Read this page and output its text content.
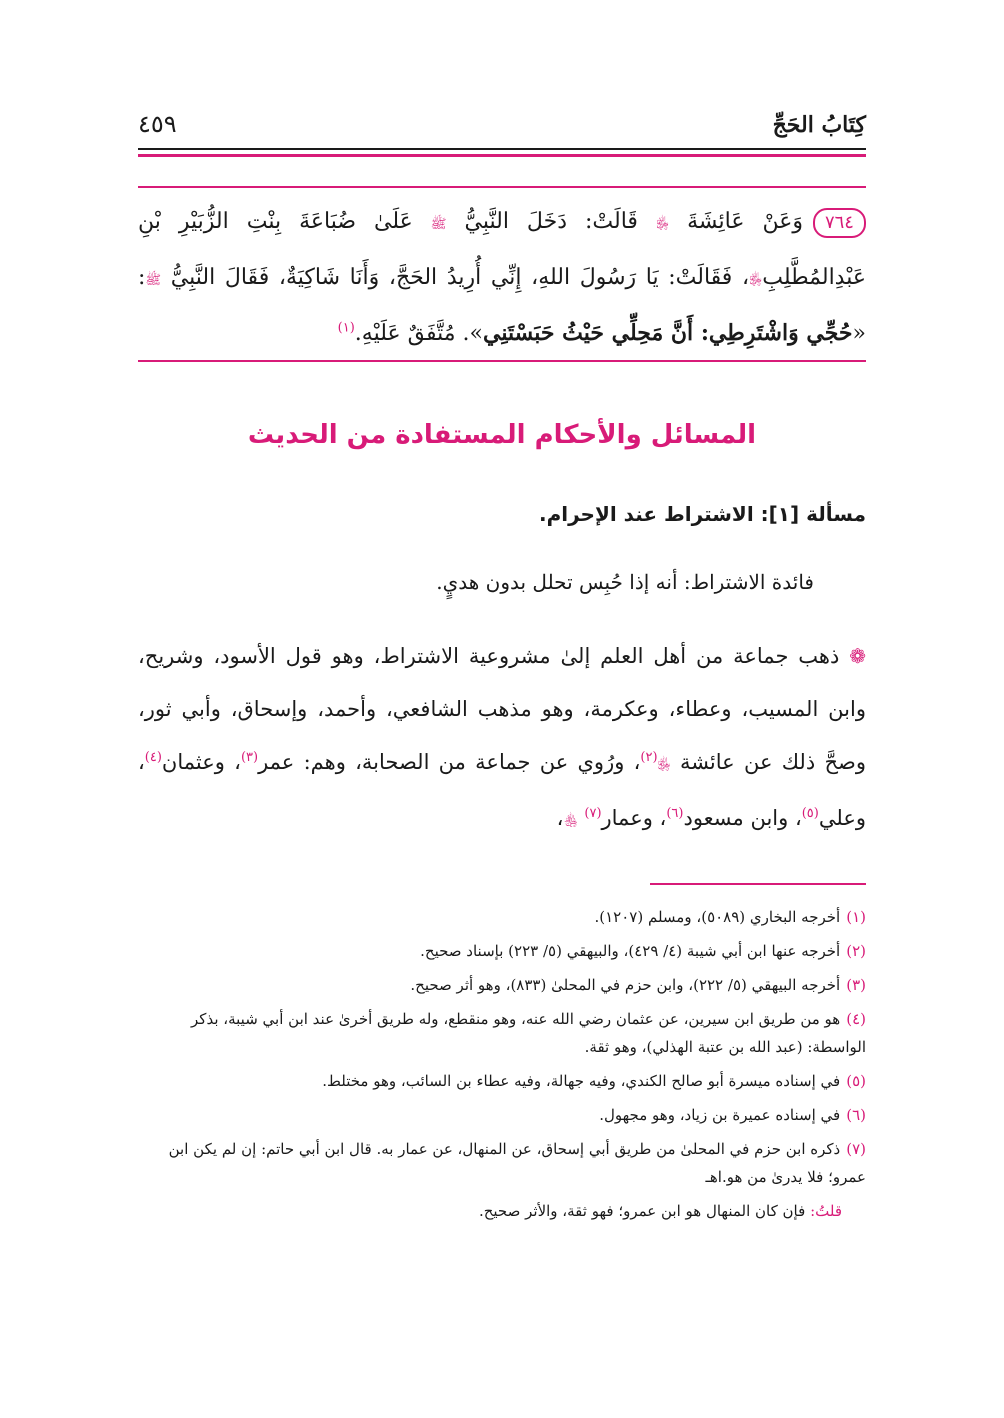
كِتَابُ الحَجِّ
٤٥٩
٧٦٤وَعَنْ عَائِشَةَ ﵂ قَالَتْ: دَخَلَ النَّبِيُّ ﷺ عَلَىٰ ضُبَاعَةَ بِنْتِ الزُّبَيْرِ بْنِ عَبْدِالمُطَّلِبِ﵂، فَقَالَتْ: يَا رَسُولَ اللهِ، إِنِّي أُرِيدُ الحَجَّ، وَأَنَا شَاكِيَةٌ، فَقَالَ النَّبِيُّ ﷺ: «حُجِّي وَاشْتَرِطِي: أَنَّ مَحِلِّي حَيْثُ حَبَسْتَنِي». مُتَّفَقٌ عَلَيْهِ.$^{(١)}$
المسائل والأحكام المستفادة من الحديث
مسألة [١]: الاشتراط عند الإحرام.
فائدة الاشتراط: أنه إذا حُبِس تحلل بدون هديٍ.
❁ ذهب جماعة من أهل العلم إلىٰ مشروعية الاشتراط، وهو قول الأسود، وشريح، وابن المسيب، وعطاء، وعكرمة، وهو مذهب الشافعي، وأحمد، وإسحاق، وأبي ثور، وصحَّ ذلك عن عائشة ﵂$^{(٢)}$، ورُوي عن جماعة من الصحابة، وهم: عمر$^{(٣)}$، وعثمان$^{(٤)}$، وعلي$^{(٥)}$، وابن مسعود$^{(٦)}$، وعمار$^{(٧)}$ ﵃،
(١)أخرجه البخاري (٥٠٨٩)، ومسلم (١٢٠٧).
(٢)أخرجه عنها ابن أبي شيبة (٤/ ٤٢٩)، والبيهقي (٥/ ٢٢٣) بإسناد صحيح.
(٣)أخرجه البيهقي (٥/ ٢٢٢)، وابن حزم في المحلىٰ (٨٣٣)، وهو أثر صحيح.
(٤)هو من طريق ابن سيرين، عن عثمان رضي الله عنه، وهو منقطع، وله طريق أخرىٰ عند ابن أبي شيبة، بذكر الواسطة: (عبد الله بن عتبة الهذلي)، وهو ثقة.
(٥)في إسناده ميسرة أبو صالح الكندي، وفيه جهالة، وفيه عطاء بن السائب، وهو مختلط.
(٦)في إسناده عميرة بن زياد، وهو مجهول.
(٧)ذكره ابن حزم في المحلىٰ من طريق أبي إسحاق، عن المنهال، عن عمار به. قال ابن أبي حاتم: إن لم يكن ابن عمرو؛ فلا يدرىٰ من هو.اهـ
قلتُ: فإن كان المنهال هو ابن عمرو؛ فهو ثقة، والأثر صحيح.
